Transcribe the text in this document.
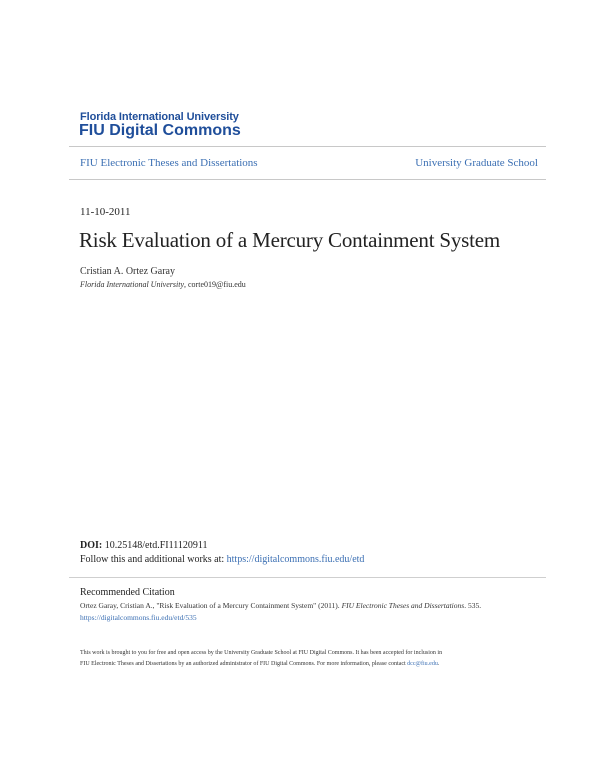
Florida International University
FIU Digital Commons
FIU Electronic Theses and Dissertations	University Graduate School
11-10-2011
Risk Evaluation of a Mercury Containment System
Cristian A. Ortez Garay
Florida International University, corte019@fiu.edu
DOI: 10.25148/etd.FI11120911
Follow this and additional works at: https://digitalcommons.fiu.edu/etd
Recommended Citation
Ortez Garay, Cristian A., "Risk Evaluation of a Mercury Containment System" (2011). FIU Electronic Theses and Dissertations. 535.
https://digitalcommons.fiu.edu/etd/535
This work is brought to you for free and open access by the University Graduate School at FIU Digital Commons. It has been accepted for inclusion in
FIU Electronic Theses and Dissertations by an authorized administrator of FIU Digital Commons. For more information, please contact dcc@fiu.edu.
